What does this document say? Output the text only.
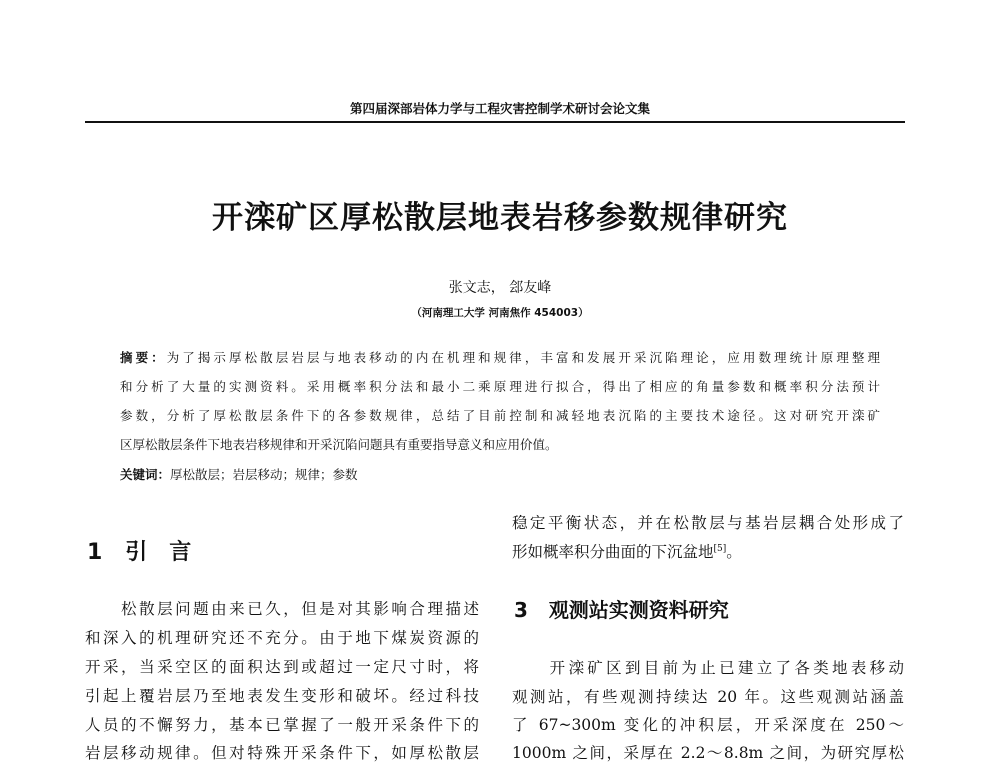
第四届深部岩体力学与工程灾害控制学术研讨会论文集
开滦矿区厚松散层地表岩移参数规律研究
张文志， 郐友峰
（河南理工大学 河南焦作 454003）
摘要：为了揭示厚松散层岩层与地表移动的内在机理和规律，丰富和发展开采沉陷理论，应用数理统计原理整理
和分析了大量的实测资料。采用概率积分法和最小二乘原理进行拟合，得出了相应的角量参数和概率积分法预计
参数，分析了厚松散层条件下的各参数规律，总结了目前控制和减轻地表沉陷的主要技术途径。这对研究开滦矿
区厚松散层条件下地表岩移规律和开采沉陷问题具有重要指导意义和应用价值。
关键词：厚松散层；岩层移动；规律；参数
1 引　言
　　松散层问题由来已久，但是对其影响合理描述
和深入的机理研究还不充分。由于地下煤炭资源的
开采，当采空区的面积达到或超过一定尺寸时，将
引起上覆岩层乃至地表发生变形和破坏。经过科技
人员的不懈努力，基本已掌握了一般开采条件下的
岩层移动规律。但对特殊开采条件下，如厚松散层
稳定平衡状态，并在松散层与基岩层耦合处形成了
形如概率积分曲面的下沉盆地[5]。
3 观测站实测资料研究
　　开滦矿区到目前为止已建立了各类地表移动
观测站，有些观测持续达 20 年。这些观测站涵盖
了 67~300m 变化的冲积层，开采深度在 250～
1000m 之间，采厚在 2.2～8.8m 之间，为研究厚松
